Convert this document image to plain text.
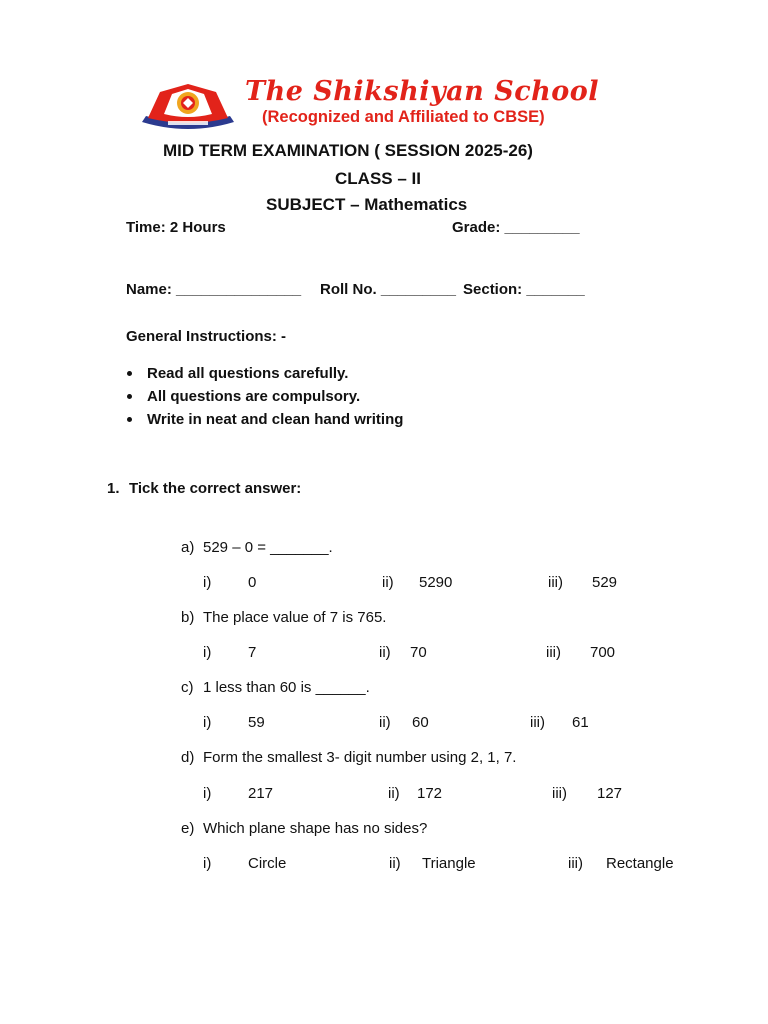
The Shikshiyan School
(Recognized and Affiliated to CBSE)
MID TERM EXAMINATION ( SESSION 2025-26)
CLASS – II
SUBJECT – Mathematics
Time: 2 Hours	Grade: _________
Name: _______________ Roll No. _________ Section: _______
General Instructions: -
Read all questions carefully.
All questions are compulsory.
Write in neat and clean hand writing
1. Tick the correct answer:
a) 529 – 0 = _______.
i) 0	ii) 5290	iii) 529
b) The place value of 7 is 765.
i) 7	ii) 70	iii) 700
c) 1 less than 60 is ______.
i) 59	ii) 60	iii) 61
d) Form the smallest 3- digit number using 2, 1, 7.
i) 217	ii) 172	iii) 127
e) Which plane shape has no sides?
i) Circle	ii) Triangle	iii) Rectangle
